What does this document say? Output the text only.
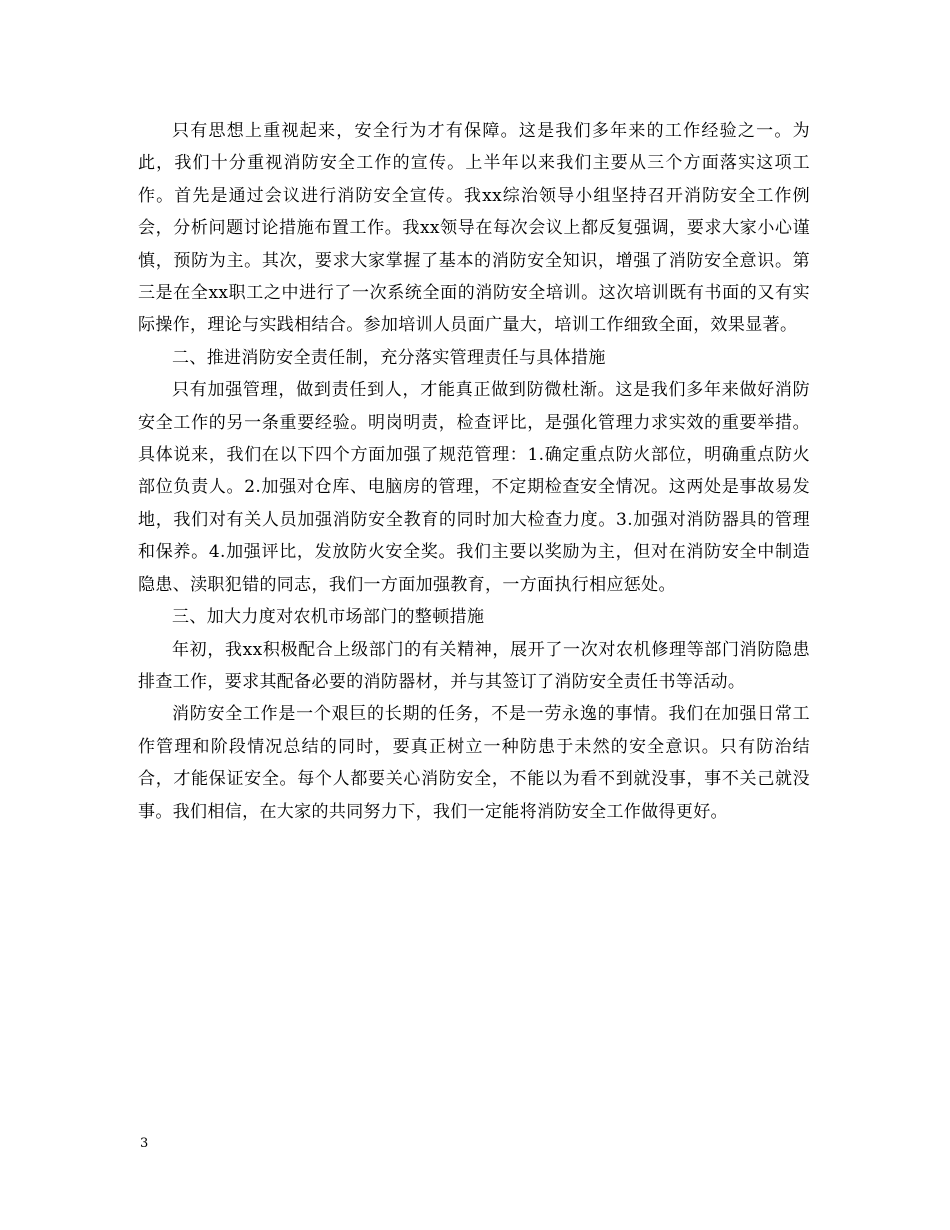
只有思想上重视起来，安全行为才有保障。这是我们多年来的工作经验之一。为此，我们十分重视消防安全工作的宣传。上半年以来我们主要从三个方面落实这项工作。首先是通过会议进行消防安全宣传。我xx综治领导小组坚持召开消防安全工作例会，分析问题讨论措施布置工作。我xx领导在每次会议上都反复强调，要求大家小心谨慎，预防为主。其次，要求大家掌握了基本的消防安全知识，增强了消防安全意识。第三是在全xx职工之中进行了一次系统全面的消防安全培训。这次培训既有书面的又有实际操作，理论与实践相结合。参加培训人员面广量大，培训工作细致全面，效果显著。

二、推进消防安全责任制，充分落实管理责任与具体措施

只有加强管理，做到责任到人，才能真正做到防微杜渐。这是我们多年来做好消防安全工作的另一条重要经验。明岗明责，检查评比，是强化管理力求实效的重要举措。具体说来，我们在以下四个方面加强了规范管理：1.确定重点防火部位，明确重点防火部位负责人。2.加强对仓库、电脑房的管理，不定期检查安全情况。这两处是事故易发地，我们对有关人员加强消防安全教育的同时加大检查力度。3.加强对消防器具的管理和保养。4.加强评比，发放防火安全奖。我们主要以奖励为主，但对在消防安全中制造隐患、渎职犯错的同志，我们一方面加强教育，一方面执行相应惩处。

三、加大力度对农机市场部门的整顿措施

年初，我xx积极配合上级部门的有关精神，展开了一次对农机修理等部门消防隐患排查工作，要求其配备必要的消防器材，并与其签订了消防安全责任书等活动。

消防安全工作是一个艰巨的长期的任务，不是一劳永逸的事情。我们在加强日常工作管理和阶段情况总结的同时，要真正树立一种防患于未然的安全意识。只有防治结合，才能保证安全。每个人都要关心消防安全，不能以为看不到就没事，事不关己就没事。我们相信，在大家的共同努力下，我们一定能将消防安全工作做得更好。

3
